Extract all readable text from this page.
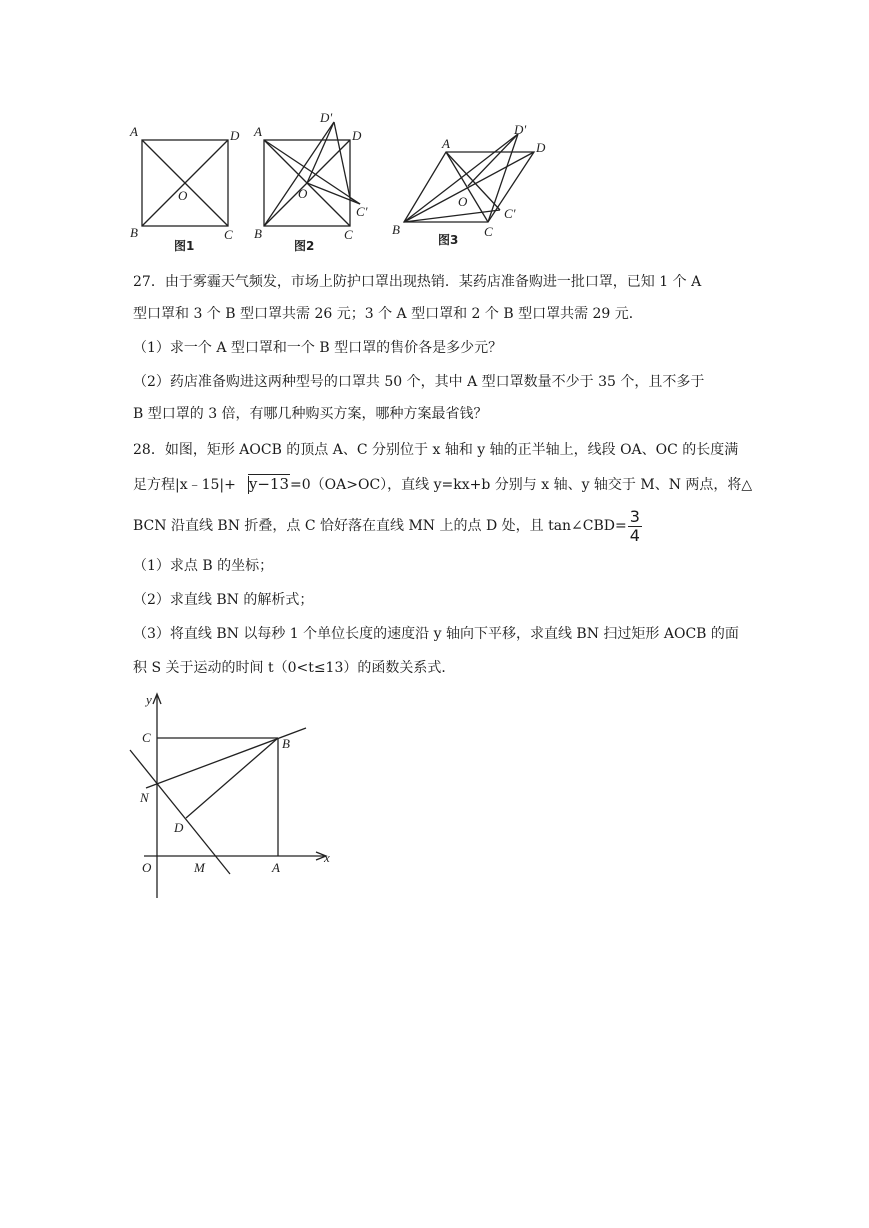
A	D
B	C
O
图1
A	D
D'
B	C
C'
O
图2
A	D
D'
B	C
C'
O
图3
27．由于雾霾天气频发，市场上防护口罩出现热销．某药店准备购进一批口罩，已知 1 个 A
型口罩和 3 个 B 型口罩共需 26 元；3 个 A 型口罩和 2 个 B 型口罩共需 29 元．
（1）求一个 A 型口罩和一个 B 型口罩的售价各是多少元？
（2）药店准备购进这两种型号的口罩共 50 个，其中 A 型口罩数量不少于 35 个，且不多于
B 型口罩的 3 倍，有哪几种购买方案，哪种方案最省钱？
28．如图，矩形 AOCB 的顶点 A、C 分别位于 x 轴和 y 轴的正半轴上，线段 OA、OC 的长度满
足方程|x﹣15|+ y−13=0（OA>OC），直线 y=kx+b 分别与 x 轴、y 轴交于 M、N 两点，将△
BCN 沿直线 BN 折叠，点 C 恰好落在直线 MN 上的点 D 处，且 tan∠CBD= $\frac{3}{4}$
（1）求点 B 的坐标；
（2）求直线 BN 的解析式；
（3）将直线 BN 以每秒 1 个单位长度的速度沿 y 轴向下平移，求直线 BN 扫过矩形 AOCB 的面
积 S 关于运动的时间 t（0<t≤13）的函数关系式．
y
x
C	B
N
D
O	M	A
